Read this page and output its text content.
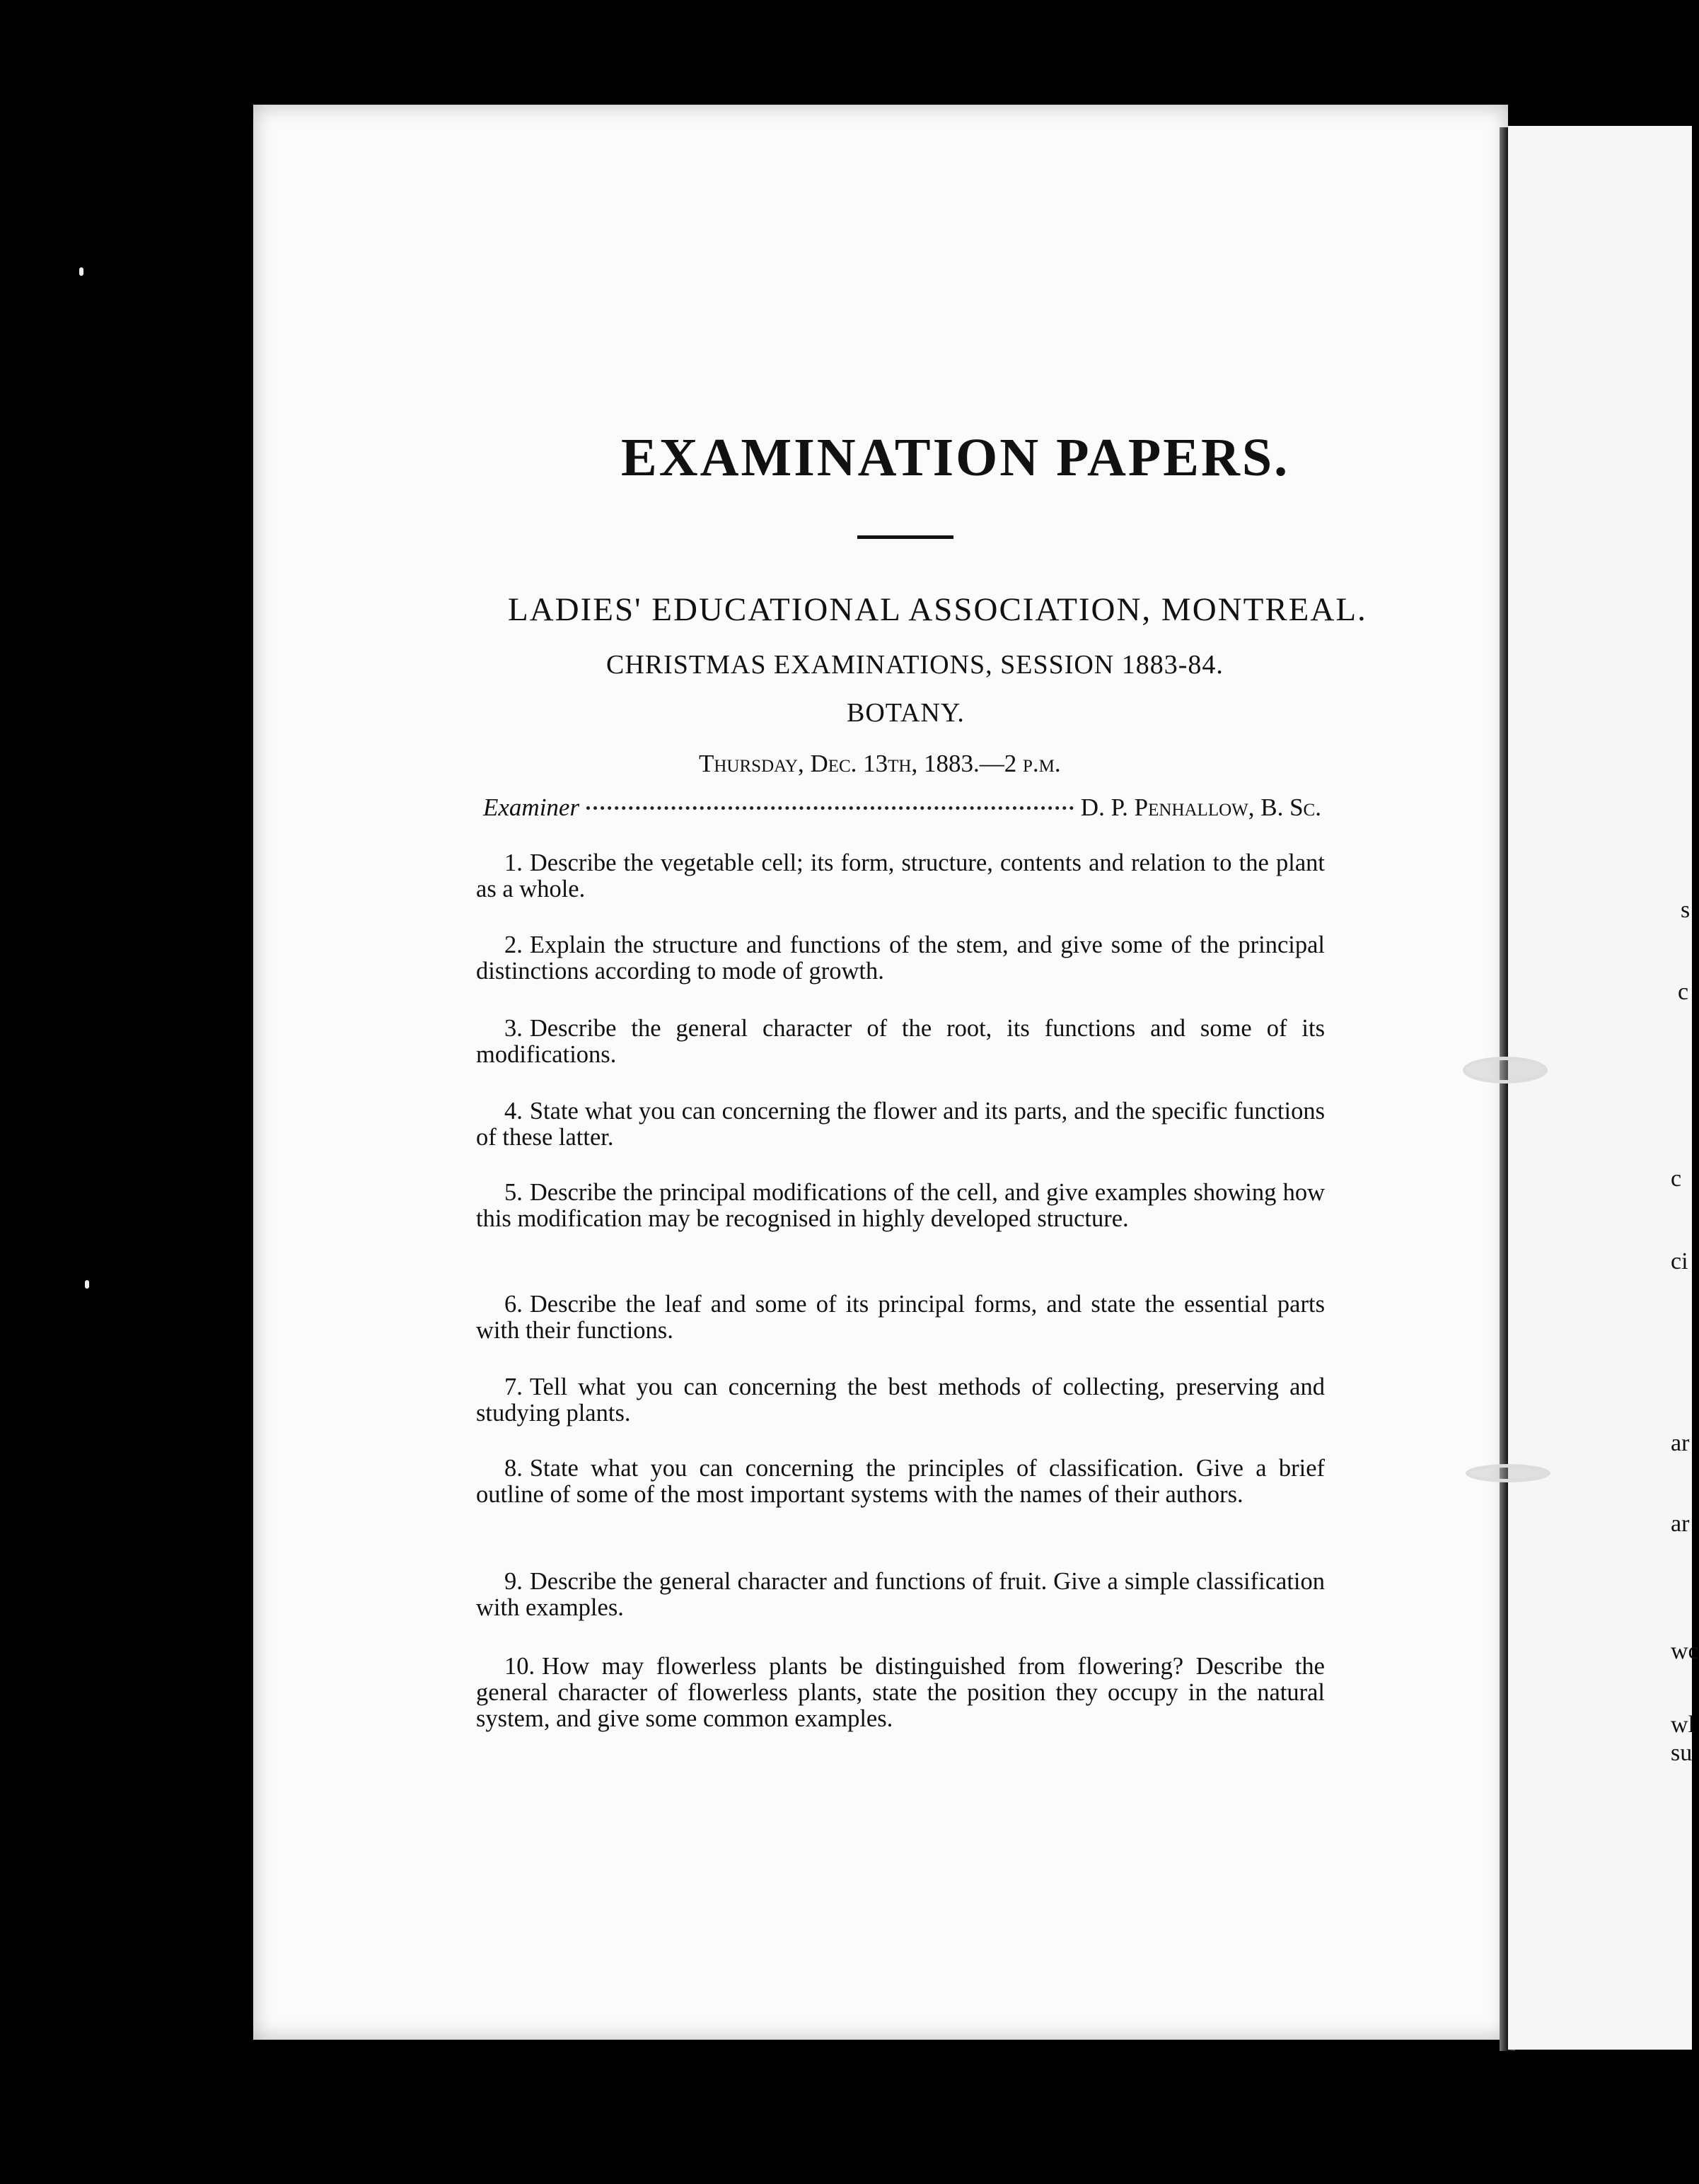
EXAMINATION PAPERS.
LADIES' EDUCATIONAL ASSOCIATION, MONTREAL.
CHRISTMAS EXAMINATIONS, SESSION 1883-84.
BOTANY.
Thursday, Dec. 13th, 1883.—2 p.m.
Examiner	D. P. Penhallow, B. Sc.
1. Describe the vegetable cell; its form, structure, contents and relation to the plant as a whole.
2. Explain the structure and functions of the stem, and give some of the principal distinctions according to mode of growth.
3. Describe the general character of the root, its functions and some of its modifications.
4. State what you can concerning the flower and its parts, and the specific functions of these latter.
5. Describe the principal modifications of the cell, and give examples showing how this modification may be recognised in highly developed structure.
6. Describe the leaf and some of its principal forms, and state the essential parts with their functions.
7. Tell what you can concerning the best methods of collecting, preserving and studying plants.
8. State what you can concerning the principles of classification. Give a brief outline of some of the most important systems with the names of their authors.
9. Describe the general character and functions of fruit. Give a simple classification with examples.
10. How may flowerless plants be distinguished from flowering? Describe the general character of flowerless plants, state the position they occupy in the natural system, and give some common examples.
s
c
c
ci
ar
ar
wc
wl
su
